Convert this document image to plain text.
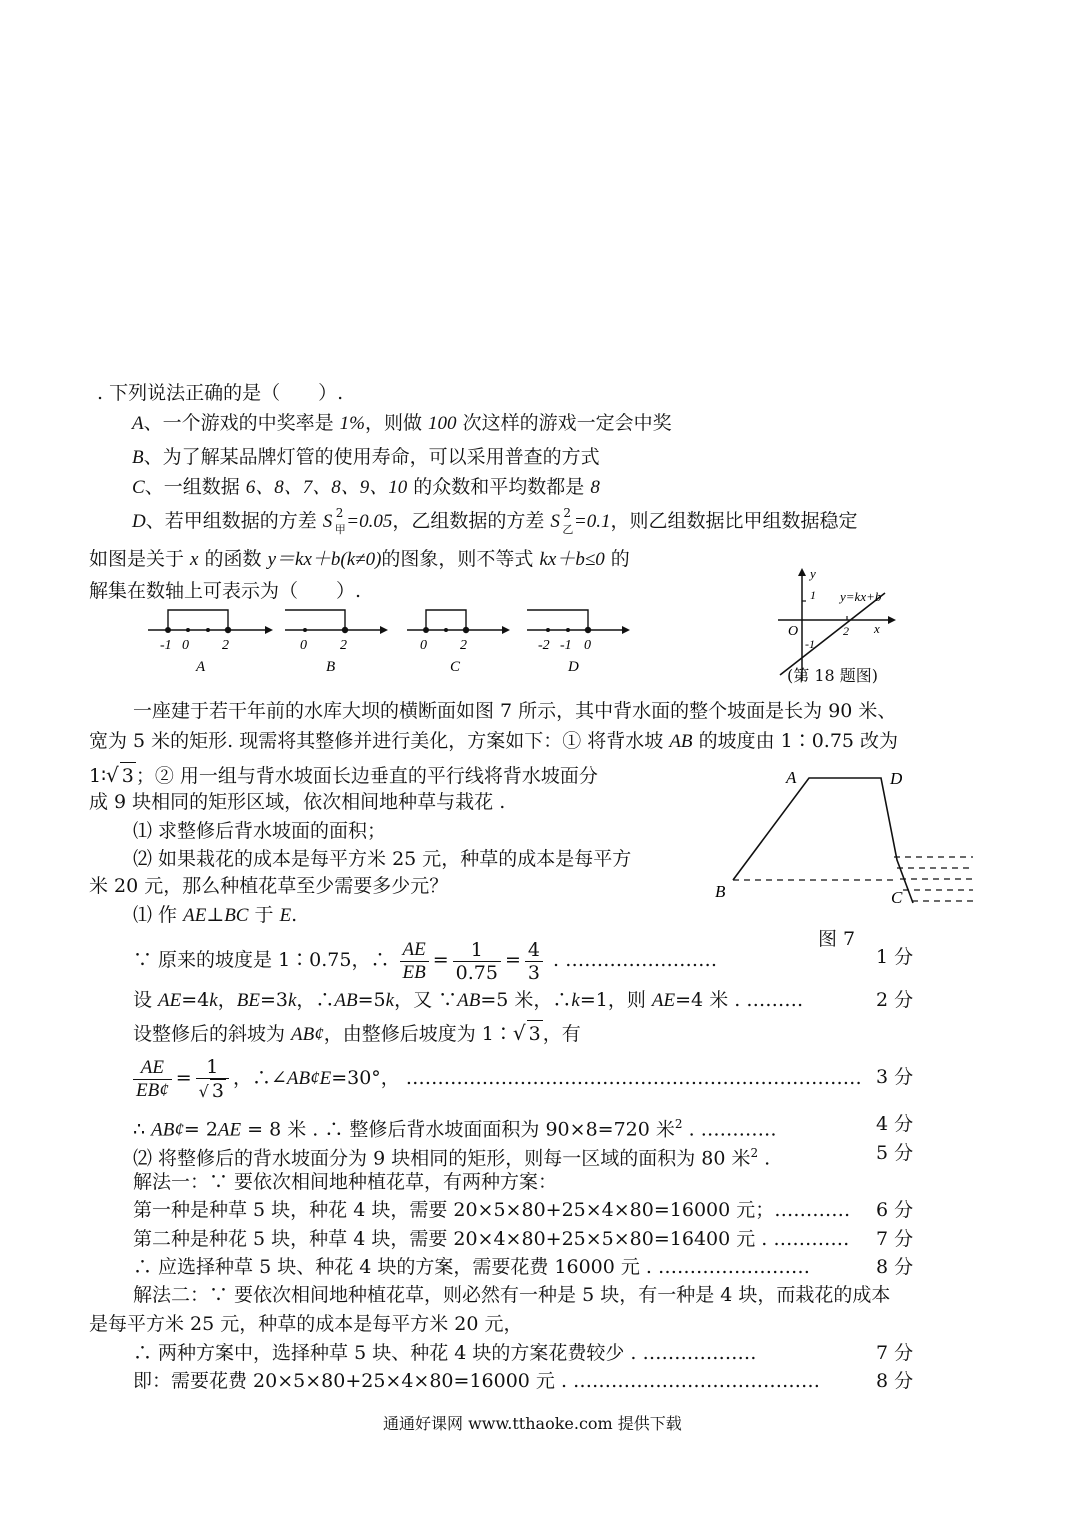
. 下列说法正确的是（　　）.
A、一个游戏的中奖率是 1%，则做 100 次这样的游戏一定会中奖
B、为了解某品牌灯管的使用寿命，可以采用普查的方式
C、一组数据 6、8、7、8、9、10 的众数和平均数都是 8
D、若甲组数据的方差 S 2
甲 =0.05，乙组数据的方差 S 2
乙 =0.1，则乙组数据比甲组数据稳定
如图是关于 x 的函数 y＝kx＋b(k≠0)的图象，则不等式 kx＋b≤0 的
解集在数轴上可表示为（　　）.
-1 0 2
A
0 2
B
0 2
C
-2 -1 0
D
y
x
O
1
2
-1
y=kx+b
(第 18 题图)
一座建于若干年前的水库大坝的横断面如图 7 所示，其中背水面的整个坡面是长为 90 米、
宽为 5 米的矩形. 现需将其整修并进行美化，方案如下：① 将背水坡 AB 的坡度由 1∶0.75 改为
1∶√ 3 ；② 用一组与背水坡面长边垂直的平行线将背水坡面分
成 9 块相同的矩形区域，依次相间地种草与栽花 .
⑴ 求整修后背水坡面的面积；
⑵ 如果栽花的成本是每平方米 25 元，种草的成本是每平方
米 20 元，那么种植花草至少需要多少元？
A	D
B	C
图 7
⑴ 作 AE⊥BC 于 E.
∵ 原来的坡度是 1∶0.75，∴ $\frac{AE}{EB} = \frac{1}{0.75} = \frac{4}{3}$ . ……………………	1 分
设 AE=4k，BE=3k，∴AB=5k，又 ∵AB=5 米，∴k=1，则 AE=4 米 . ………	2 分
设整修后的斜坡为 AB¢，由整修后坡度为 1∶√ 3 ，有
$\frac{AE}{EB¢} = \frac{1}{√ 3}$ ，∴∠AB¢E=30°， ……………………………………………………………… 3 分
∴ AB¢= 2AE = 8 米 . ∴ 整修后背水坡面面积为 90×8=720 米$^2$ . …………	4 分
⑵ 将整修后的背水坡面分为 9 块相同的矩形，则每一区域的面积为 80 米$^2$ .	5 分
解法一：∵ 要依次相间地种植花草，有两种方案：
第一种是种草 5 块，种花 4 块，需要 20×5×80+25×4×80=16000 元；………… 6 分
第二种是种花 5 块，种草 4 块，需要 20×4×80+25×5×80=16400 元 . ………… 7 分
∴ 应选择种草 5 块、种花 4 块的方案，需要花费 16000 元 . ……………………	8 分
解法二：∵ 要依次相间地种植花草，则必然有一种是 5 块，有一种是 4 块，而栽花的成本
是每平方米 25 元，种草的成本是每平方米 20 元，
∴ 两种方案中，选择种草 5 块、种花 4 块的方案花费较少 . ………………	7 分
即：需要花费 20×5×80+25×4×80=16000 元 . …………………………………	8 分
通通好课网 www.tthaoke.com 提供下载
